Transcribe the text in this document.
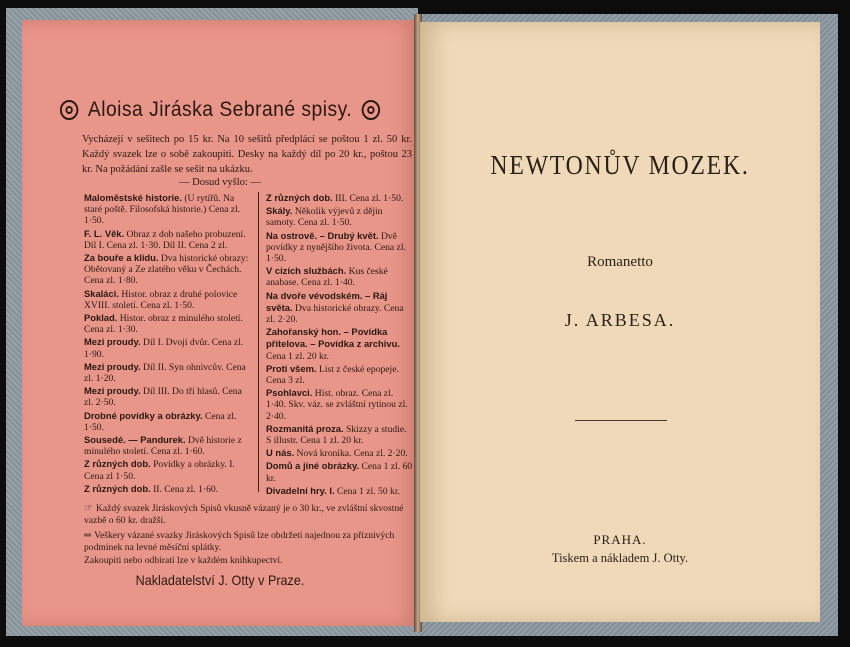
Aloisa Jiráska Sebrané spisy.
Vycházejí v sešitech po 15 kr. Na 10 sešitů předplácí se poštou 1 zl. 50 kr. Každý svazek lze o sobě zakoupiti. Desky na každý díl po 20 kr., poštou 23 kr. Na požádání zašle se sešit na ukázku.
— Dosud vyšlo: —
Maloměstské historie. (U rytířů. Na staré poště. Filosofská historie.) Cena zl. 1·50.
F. L. Věk. Obraz z dob našeho probuzení. Díl I. Cena zl. 1·30. Díl II. Cena 2 zl.
Za bouře a klidu. Dva historické obrazy: Obětovaný a Ze zlatého věku v Čechách. Cena zl. 1·80.
Skaláci. Histor. obraz z druhé polovice XVIII. století. Cena zl. 1·50.
Poklad. Histor. obraz z minulého století. Cena zl. 1·30.
Mezi proudy. Díl I. Dvojí dvůr. Cena zl. 1·90.
Mezi proudy. Díl II. Syn ohnivcův. Cena zl. 1·20.
Mezi proudy. Díl III. Do tří hlasů. Cena zl. 2·50.
Drobné povídky a obrázky. Cena zl. 1·50.
Sousedé. — Pandurek. Dvě historie z minulého století. Cena zl. 1·60.
Z různých dob. Povídky a obrázky. I. Cena zl 1·50.
Z různých dob. II. Cena zl. 1·60.
Z různých dob. III. Cena zl. 1·50.
Skály. Několik výjevů z dějin samoty. Cena zl. 1·50.
Na ostrově. – Drubý květ. Dvě povídky z nynějšího života. Cena zl. 1·50.
V cizích službách. Kus české anabase. Cena zl. 1·40.
Na dvoře vévodském. – Ráj světa. Dva historické obrazy. Cena zl. 2·20.
Zahořanský hon. – Povídka přítelova. – Povídka z archivu. Cena 1 zl. 20 kr.
Proti všem. List z české epopeje. Cena 3 zl.
Psohlavci. Hist. obraz. Cena zl. 1·40. Skv. váz. se zvláštní rytinou zl. 2·40.
Rozmanitá proza. Skizzy a studie. S illustr. Cena 1 zl. 20 kr.
U nás. Nová kronika. Cena zl. 2·20.
Domů a jiné obrázky. Cena 1 zl. 60 kr.
Divadelní hry. I. Cena 1 zl. 50 kr.
☞ Každý svazek Jiráskových Spisů vkusně vázaný je o 30 kr., ve zvláštní skvostné vazbě o 60 kr. dražší.
═ Veškery vázané svazky Jiráskových Spisů lze obdržeti najednou za příznivých podmínek na levné měsíční splátky.
Zakoupiti nebo odbírati lze v každém knihkupectví.
Nakladatelství J. Otty v Praze.
NEWTONŮV MOZEK.
Romanetto
J. ARBESA.
PRAHA.
Tiskem a nákladem J. Otty.
